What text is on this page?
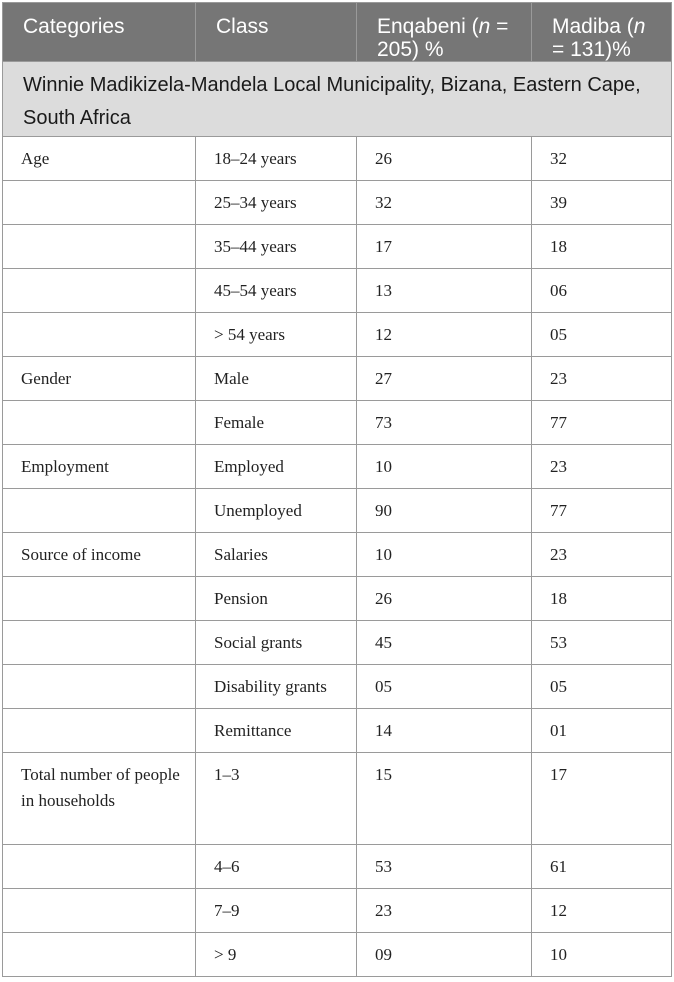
Categories	Class	Enqabeni (n = 205) %	Madiba (n = 131)%
Winnie Madikizela-Mandela Local Municipality, Bizana, Eastern Cape, South Africa			
Age	18–24 years	26	32
	25–34 years	32	39
	35–44 years	17	18
	45–54 years	13	06
	> 54 years	12	05
Gender	Male	27	23
	Female	73	77
Employment	Employed	10	23
	Unemployed	90	77
Source of income	Salaries	10	23
	Pension	26	18
	Social grants	45	53
	Disability grants	05	05
	Remittance	14	01
Total number of people in households	1–3	15	17
	4–6	53	61
	7–9	23	12
	> 9	09	10
